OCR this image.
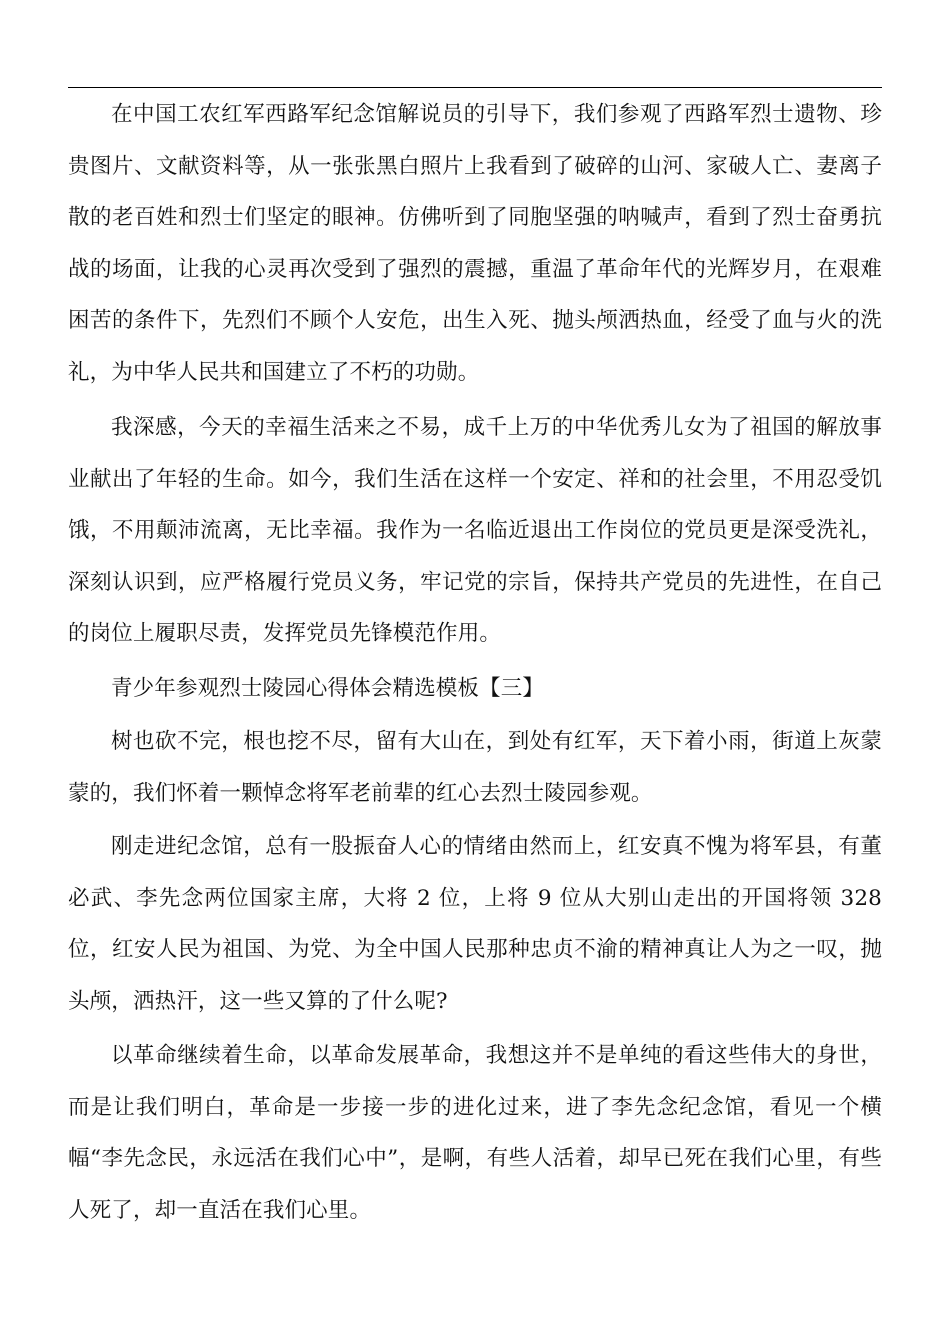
在中国工农红军西路军纪念馆解说员的引导下，我们参观了西路军烈士遗物、珍贵图片、文献资料等，从一张张黑白照片上我看到了破碎的山河、家破人亡、妻离子散的老百姓和烈士们坚定的眼神。仿佛听到了同胞坚强的呐喊声，看到了烈士奋勇抗战的场面，让我的心灵再次受到了强烈的震撼，重温了革命年代的光辉岁月，在艰难困苦的条件下，先烈们不顾个人安危，出生入死、抛头颅洒热血，经受了血与火的洗礼，为中华人民共和国建立了不朽的功勋。

我深感，今天的幸福生活来之不易，成千上万的中华优秀儿女为了祖国的解放事业献出了年轻的生命。如今，我们生活在这样一个安定、祥和的社会里，不用忍受饥饿，不用颠沛流离，无比幸福。我作为一名临近退出工作岗位的党员更是深受洗礼，深刻认识到，应严格履行党员义务，牢记党的宗旨，保持共产党员的先进性，在自己的岗位上履职尽责，发挥党员先锋模范作用。

青少年参观烈士陵园心得体会精选模板【三】

树也砍不完，根也挖不尽，留有大山在，到处有红军，天下着小雨，街道上灰蒙蒙的，我们怀着一颗悼念将军老前辈的红心去烈士陵园参观。

刚走进纪念馆，总有一股振奋人心的情绪由然而上，红安真不愧为将军县，有董必武、李先念两位国家主席，大将 2 位，上将 9 位从大别山走出的开国将领 328 位，红安人民为祖国、为党、为全中国人民那种忠贞不渝的精神真让人为之一叹，抛头颅，洒热汗，这一些又算的了什么呢?

以革命继续着生命，以革命发展革命，我想这并不是单纯的看这些伟大的身世，而是让我们明白，革命是一步接一步的进化过来，进了李先念纪念馆，看见一个横幅“李先念民，永远活在我们心中”，是啊，有些人活着，却早已死在我们心里，有些人死了，却一直活在我们心里。
